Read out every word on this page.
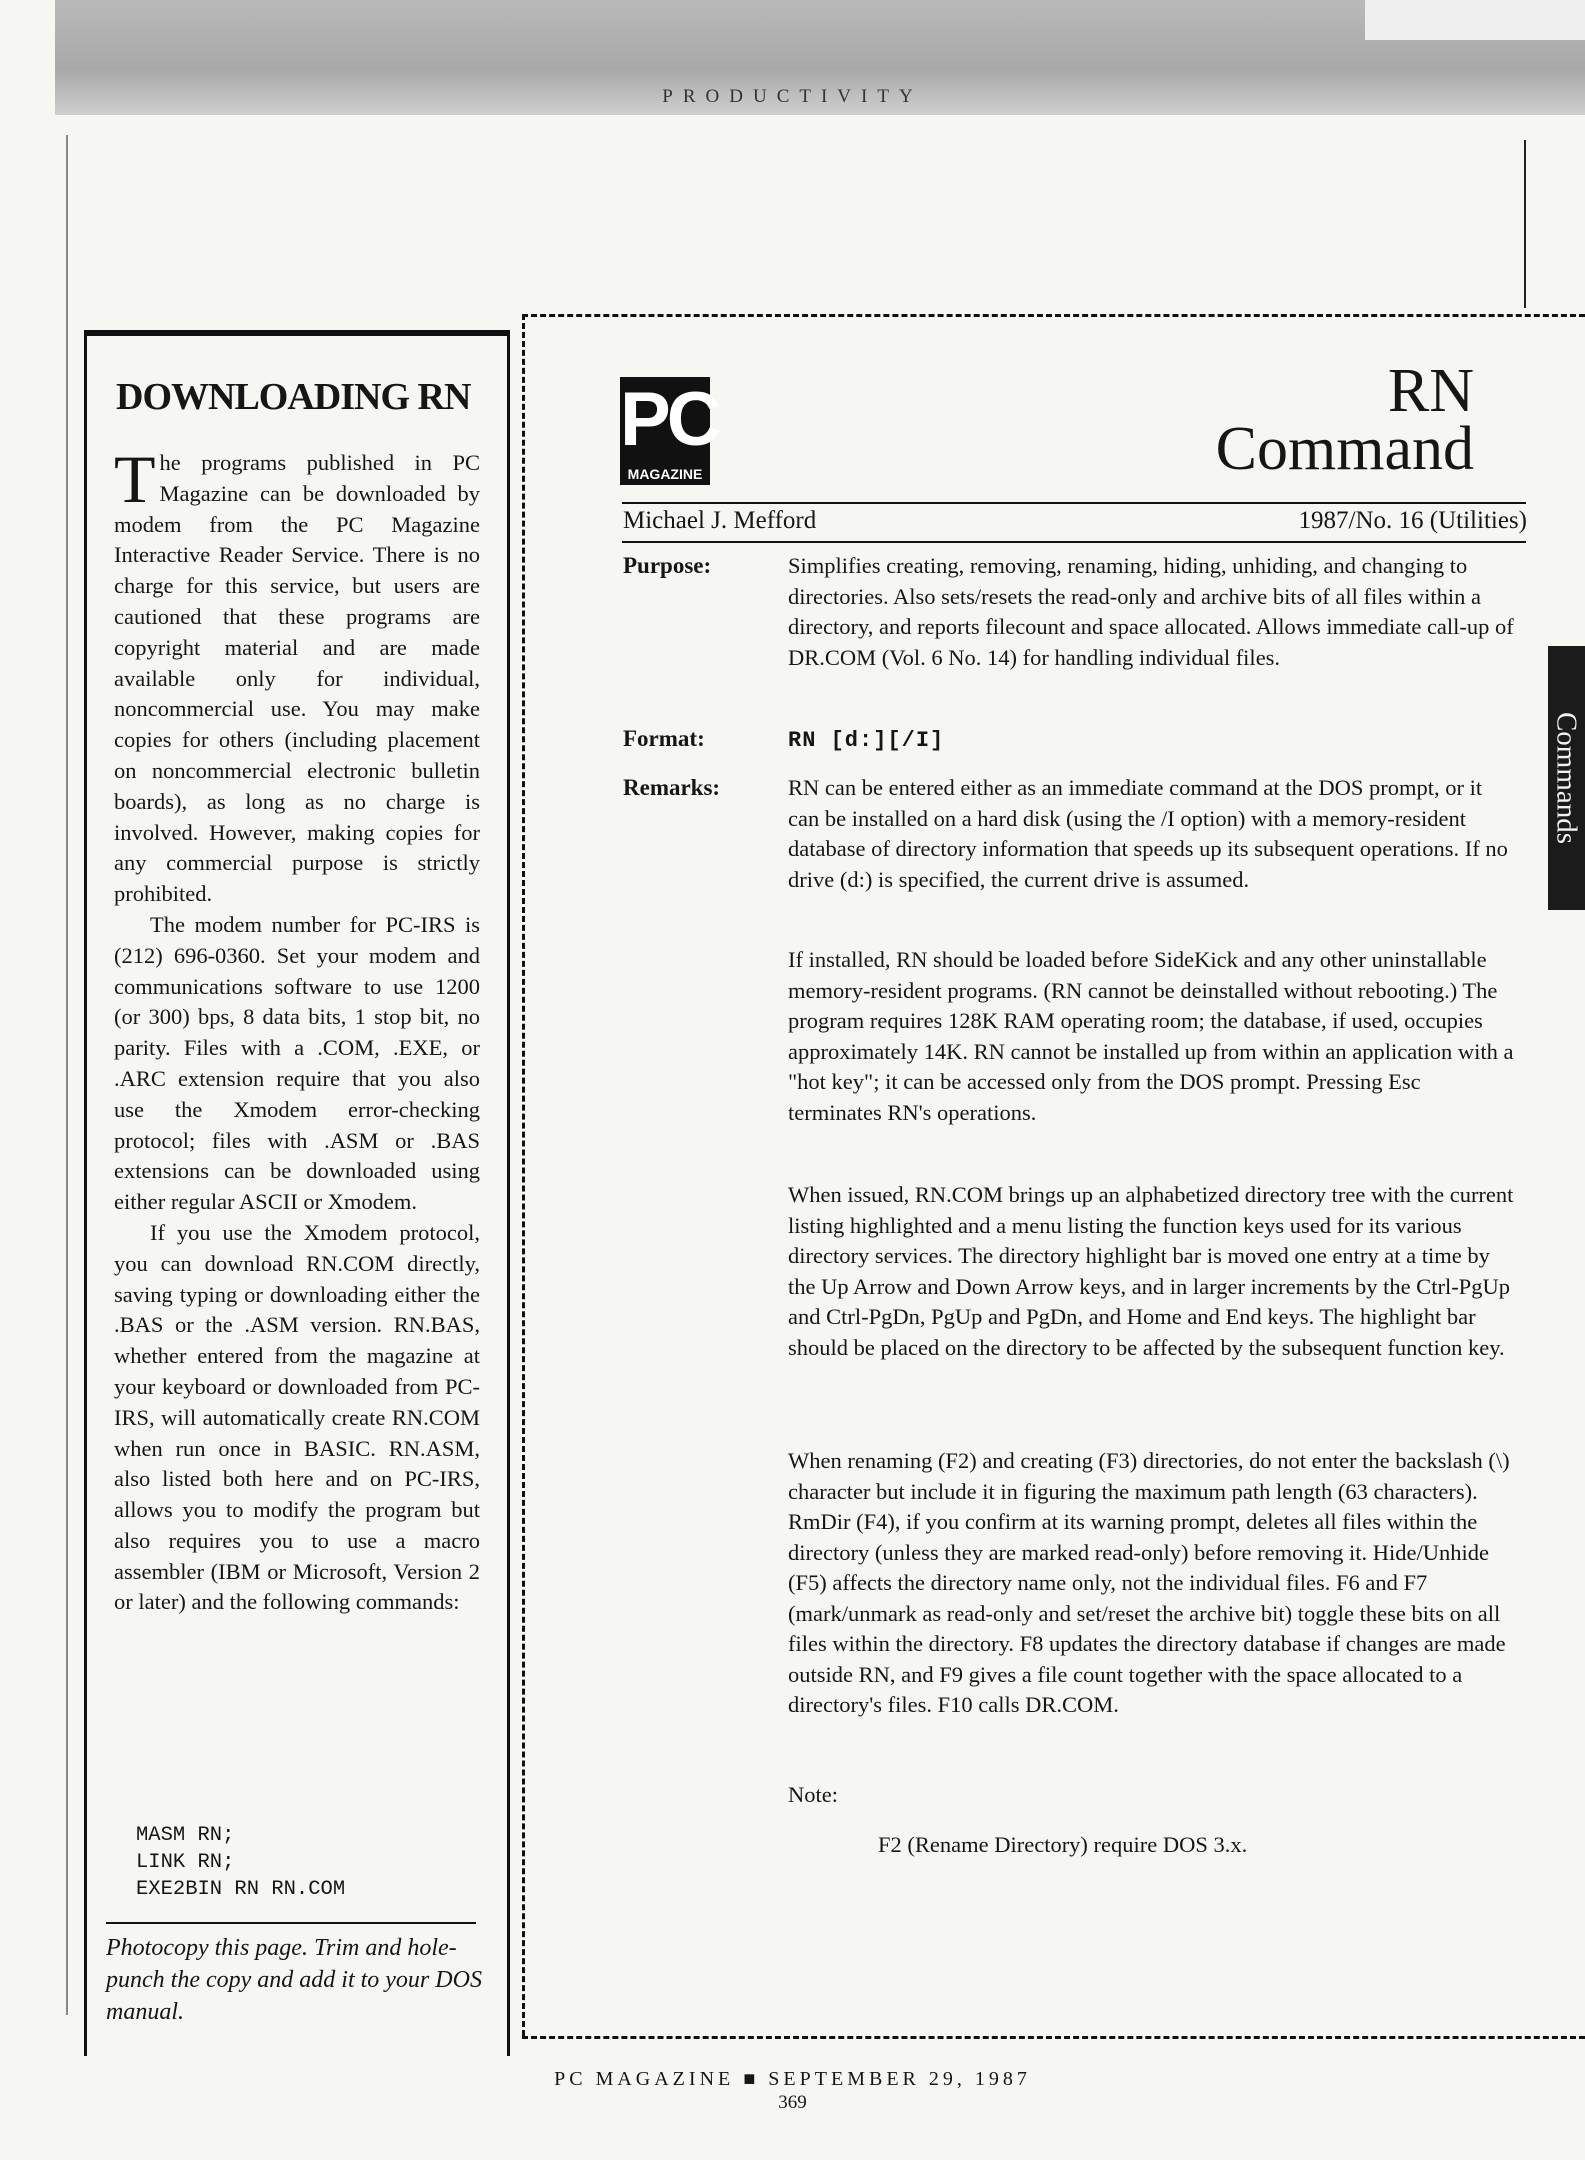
PRODUCTIVITY
DOWNLOADING RN

The programs published in PC Magazine can be downloaded by modem from the PC Magazine Interactive Reader Service. There is no charge for this service, but users are cautioned that these programs are copyright material and are made available only for individual, noncommercial use. You may make copies for others (including placement on noncommercial electronic bulletin boards), as long as no charge is involved. However, making copies for any commercial purpose is strictly prohibited.

The modem number for PC-IRS is (212) 696-0360. Set your modem and communications software to use 1200 (or 300) bps, 8 data bits, 1 stop bit, no parity. Files with a .COM, .EXE, or .ARC extension require that you also use the Xmodem error-checking protocol; files with .ASM or .BAS extensions can be downloaded using either regular ASCII or Xmodem.

If you use the Xmodem protocol, you can download RN.COM directly, saving typing or downloading either the .BAS or the .ASM version. RN.BAS, whether entered from the magazine at your keyboard or downloaded from PC-IRS, will automatically create RN.COM when run once in BASIC. RN.ASM, also listed both here and on PC-IRS, allows you to modify the program but also requires you to use a macro assembler (IBM or Microsoft, Version 2 or later) and the following commands:

MASM RN;
LINK RN;
EXE2BIN RN RN.COM
Photocopy this page. Trim and hole-punch the copy and add it to your DOS manual.
PC
MAGAZINE
RN
Command
Michael J. Mefford	1987/No. 16 (Utilities)
Purpose:	Simplifies creating, removing, renaming, hiding, unhiding, and changing to directories. Also sets/resets the read-only and archive bits of all files within a directory, and reports filecount and space allocated. Allows immediate call-up of DR.COM (Vol. 6 No. 14) for handling individual files.

Format:	RN [d:][/I]
Remarks:	RN can be entered either as an immediate command at the DOS prompt, or it can be installed on a hard disk (using the /I option) with a memory-resident database of directory information that speeds up its subsequent operations. If no drive (d:) is specified, the current drive is assumed.

If installed, RN should be loaded before SideKick and any other uninstallable memory-resident programs. (RN cannot be deinstalled without rebooting.) The program requires 128K RAM operating room; the database, if used, occupies approximately 14K. RN cannot be installed up from within an application with a "hot key"; it can be accessed only from the DOS prompt. Pressing Esc terminates RN's operations.

When issued, RN.COM brings up an alphabetized directory tree with the current listing highlighted and a menu listing the function keys used for its various directory services. The directory highlight bar is moved one entry at a time by the Up Arrow and Down Arrow keys, and in larger increments by the Ctrl-PgUp and Ctrl-PgDn, PgUp and PgDn, and Home and End keys. The highlight bar should be placed on the directory to be affected by the subsequent function key.

When renaming (F2) and creating (F3) directories, do not enter the backslash (\) character but include it in figuring the maximum path length (63 characters). RmDir (F4), if you confirm at its warning prompt, deletes all files within the directory (unless they are marked read-only) before removing it. Hide/Unhide (F5) affects the directory name only, not the individual files. F6 and F7 (mark/unmark as read-only and set/reset the archive bit) toggle these bits on all files within the directory. F8 updates the directory database if changes are made outside RN, and F9 gives a file count together with the space allocated to a directory's files. F10 calls DR.COM.

Note:
F2 (Rename Directory) require DOS 3.x.
Commands
PC MAGAZINE ■ SEPTEMBER 29, 1987
369
